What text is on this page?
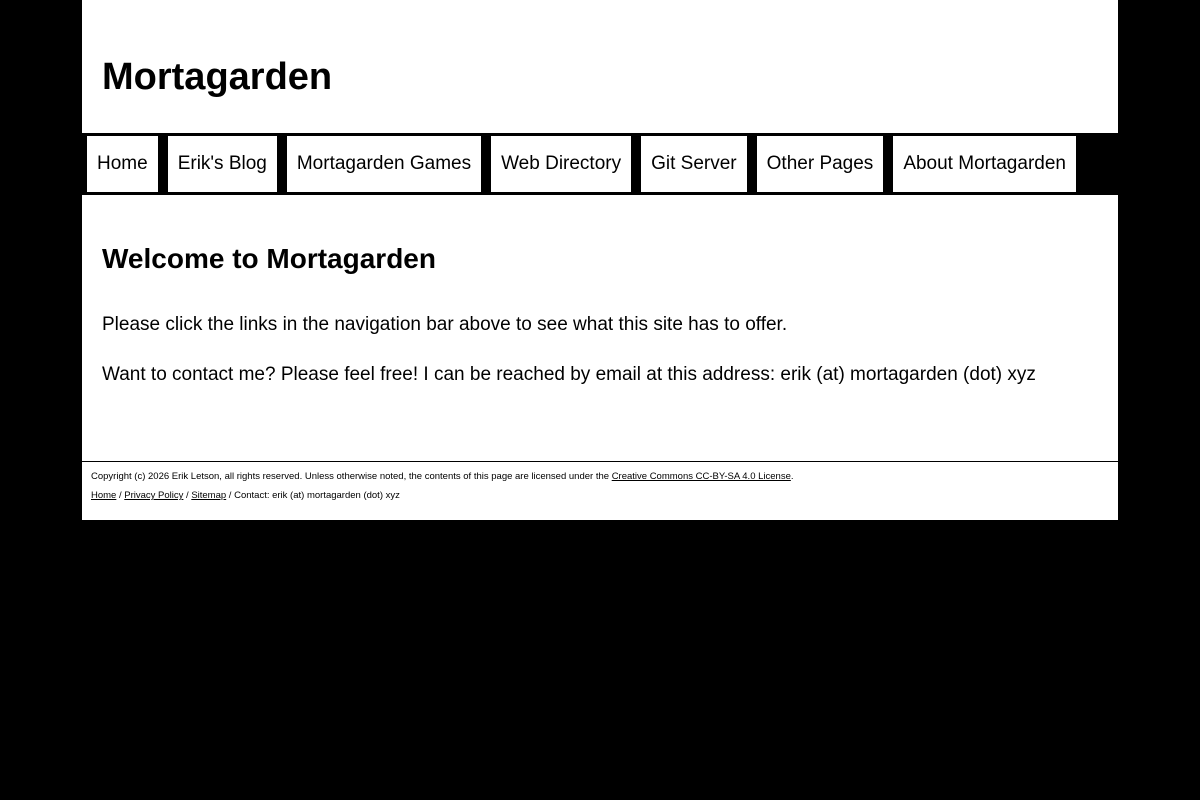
Mortagarden
Home	Erik's Blog	Mortagarden Games	Web Directory	Git Server	Other Pages	About Mortagarden
Welcome to Mortagarden

Please click the links in the navigation bar above to see what this site has to offer.

Want to contact me? Please feel free! I can be reached by email at this address: erik (at) mortagarden (dot) xyz

Copyright (c) 2026 Erik Letson, all rights reserved. Unless otherwise noted, the contents of this page are licensed under the Creative Commons CC-BY-SA 4.0 License.
Home / Privacy Policy / Sitemap / Contact: erik (at) mortagarden (dot) xyz
